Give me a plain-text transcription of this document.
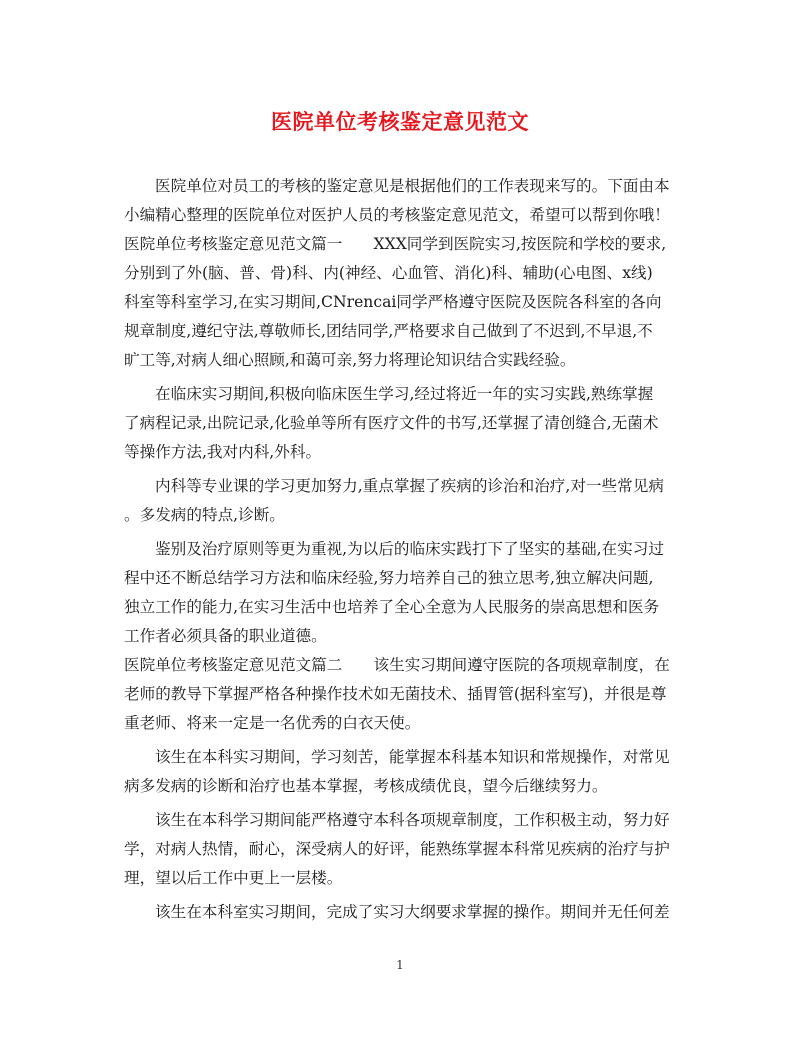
医院单位考核鉴定意见范文
医院单位对员工的考核的鉴定意见是根据他们的工作表现来写的。下面由本
小编精心整理的医院单位对医护人员的考核鉴定意见范文，希望可以帮到你哦！
医院单位考核鉴定意见范文篇一　　XXX同学到医院实习,按医院和学校的要求,
分别到了外(脑、普、骨)科、内(神经、心血管、消化)科、辅助(心电图、x线)
科室等科室学习,在实习期间,CNrencai同学严格遵守医院及医院各科室的各向
规章制度,遵纪守法,尊敬师长,团结同学,严格要求自己做到了不迟到,不早退,不
旷工等,对病人细心照顾,和蔼可亲,努力将理论知识结合实践经验。
在临床实习期间,积极向临床医生学习,经过将近一年的实习实践,熟练掌握
了病程记录,出院记录,化验单等所有医疗文件的书写,还掌握了清创缝合,无菌术
等操作方法,我对内科,外科。
内科等专业课的学习更加努力,重点掌握了疾病的诊治和治疗,对一些常见病
。多发病的特点,诊断。
鉴别及治疗原则等更为重视,为以后的临床实践打下了坚实的基础,在实习过
程中还不断总结学习方法和临床经验,努力培养自己的独立思考,独立解决问题,
独立工作的能力,在实习生活中也培养了全心全意为人民服务的崇高思想和医务
工作者必须具备的职业道德。
医院单位考核鉴定意见范文篇二　　该生实习期间遵守医院的各项规章制度，在
老师的教导下掌握严格各种操作技术如无菌技术、插胃管(据科室写)，并很是尊
重老师、将来一定是一名优秀的白衣天使。
该生在本科实习期间，学习刻苦，能掌握本科基本知识和常规操作，对常见
病多发病的诊断和治疗也基本掌握，考核成绩优良，望今后继续努力。
该生在本科学习期间能严格遵守本科各项规章制度，工作积极主动，努力好
学，对病人热情，耐心，深受病人的好评，能熟练掌握本科常见疾病的治疗与护
理，望以后工作中更上一层楼。
该生在本科室实习期间，完成了实习大纲要求掌握的操作。期间并无任何差
1
